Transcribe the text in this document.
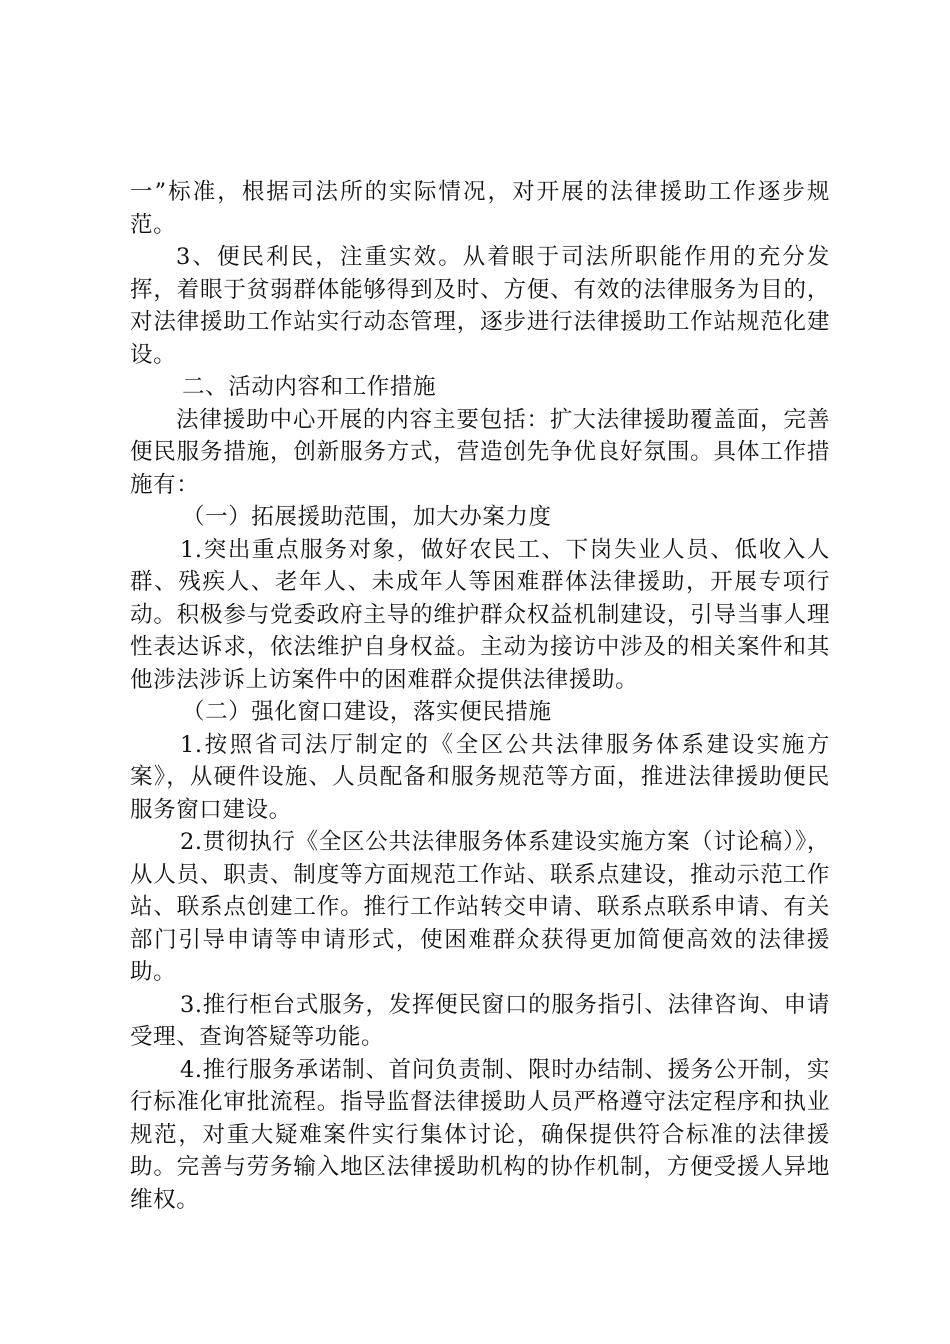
一”标准，根据司法所的实际情况，对开展的法律援助工作逐步规范。

3、便民利民，注重实效。从着眼于司法所职能作用的充分发挥，着眼于贫弱群体能够得到及时、方便、有效的法律服务为目的，对法律援助工作站实行动态管理，逐步进行法律援助工作站规范化建设。

二、活动内容和工作措施

法律援助中心开展的内容主要包括：扩大法律援助覆盖面，完善便民服务措施，创新服务方式，营造创先争优良好氛围。具体工作措施有：

（一）拓展援助范围，加大办案力度

1.突出重点服务对象，做好农民工、下岗失业人员、低收入人群、残疾人、老年人、未成年人等困难群体法律援助，开展专项行动。积极参与党委政府主导的维护群众权益机制建设，引导当事人理性表达诉求，依法维护自身权益。主动为接访中涉及的相关案件和其他涉法涉诉上访案件中的困难群众提供法律援助。

（二）强化窗口建设，落实便民措施

1.按照省司法厅制定的《全区公共法律服务体系建设实施方案》，从硬件设施、人员配备和服务规范等方面，推进法律援助便民服务窗口建设。

2.贯彻执行《全区公共法律服务体系建设实施方案（讨论稿）》，从人员、职责、制度等方面规范工作站、联系点建设，推动示范工作站、联系点创建工作。推行工作站转交申请、联系点联系申请、有关部门引导申请等申请形式，使困难群众获得更加简便高效的法律援助。

3.推行柜台式服务，发挥便民窗口的服务指引、法律咨询、申请受理、查询答疑等功能。

4.推行服务承诺制、首问负责制、限时办结制、援务公开制，实行标准化审批流程。指导监督法律援助人员严格遵守法定程序和执业规范，对重大疑难案件实行集体讨论，确保提供符合标准的法律援助。完善与劳务输入地区法律援助机构的协作机制，方便受援人异地维权。
